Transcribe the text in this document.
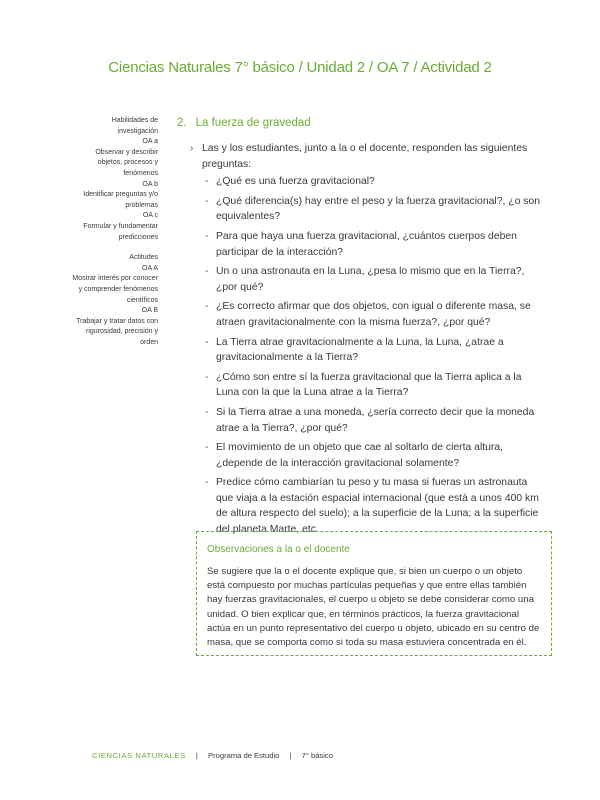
Ciencias Naturales 7° básico / Unidad 2 / OA 7 / Actividad 2
Habilidades de
investigación
OA a
Observar y describir
objetos, procesos y
fenómenos
OA b
Identificar preguntas y/o
problemas
OA c
Formular y fundamentar
predicciones
Actitudes
OA A
Mostrar interés por conocer
y comprender fenómenos
científicos
OA B
Trabajar y tratar datos con
rigurosidad, precisión y
orden
2. La fuerza de gravedad

› Las y los estudiantes, junto a la o el docente, responden las siguientes preguntas:

- ¿Qué es una fuerza gravitacional?
- ¿Qué diferencia(s) hay entre el peso y la fuerza gravitacional?, ¿o son equivalentes?
- Para que haya una fuerza gravitacional, ¿cuántos cuerpos deben participar de la interacción?
- Un o una astronauta en la Luna, ¿pesa lo mismo que en la Tierra?, ¿por qué?
- ¿Es correcto afirmar que dos objetos, con igual o diferente masa, se atraen gravitacionalmente con la misma fuerza?, ¿por qué?
- La Tierra atrae gravitacionalmente a la Luna, la Luna, ¿atrae a gravitacionalmente a la Tierra?
- ¿Cómo son entre sí la fuerza gravitacional que la Tierra aplica a la Luna con la que la Luna atrae a la Tierra?
- Si la Tierra atrae a una moneda, ¿sería correcto decir que la moneda atrae a la Tierra?, ¿por qué?
- El movimiento de un objeto que cae al soltarlo de cierta altura, ¿depende de la interacción gravitacional solamente?
- Predice cómo cambiarían tu peso y tu masa si fueras un astronauta que viaja a la estación espacial internacional (que está a unos 400 km de altura respecto del suelo); a la superficie de la Luna; a la superficie del planeta Marte, etc.
Observaciones a la o el docente
Se sugiere que la o el docente explique que, si bien un cuerpo o un objeto está compuesto por muchas partículas pequeñas y que entre ellas también hay fuerzas gravitacionales, el cuerpo u objeto se debe considerar como una unidad. O bien explicar que, en términos prácticos, la fuerza gravitacional actúa en un punto representativo del cuerpo u objeto, ubicado en su centro de masa, que se comporta como si toda su masa estuviera concentrada en él.
CIENCIAS NATURALES | Programa de Estudio | 7° básico
